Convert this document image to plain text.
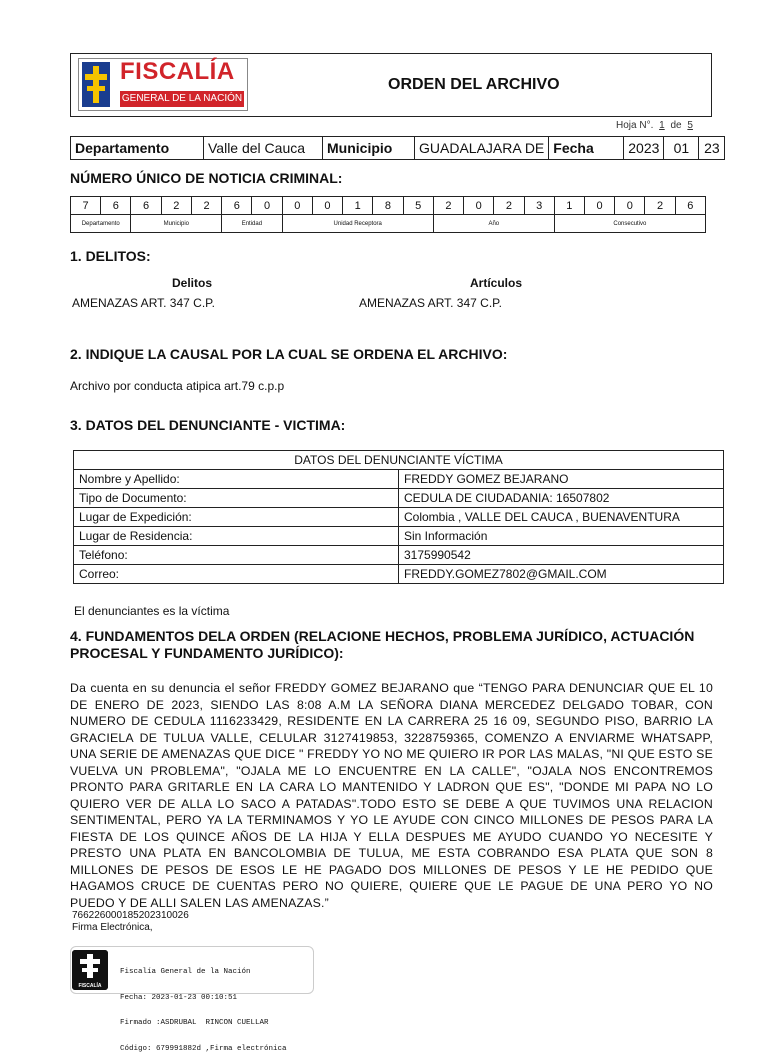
FISCALÍA
GENERAL DE LA NACIÓN
ORDEN DEL ARCHIVO
Hoja N°. 1 de 5
Departamento	Valle del Cauca	Municipio	GUADALAJARA DE	Fecha	2023	01	23
NÚMERO ÚNICO DE NOTICIA CRIMINAL:
7	6	6	2	2	6	0	0	0	1	8	5	2	0	2	3	1	0	0	2	6
Departamento		Municipio			Entidad		Unidad Receptora					Año				Consecutivo				
1. DELITOS:
Delitos	Artículos
AMENAZAS ART. 347 C.P.	AMENAZAS ART. 347 C.P.
2. INDIQUE LA CAUSAL POR LA CUAL SE ORDENA EL ARCHIVO:
Archivo por conducta atipica art.79 c.p.p
3. DATOS DEL DENUNCIANTE - VICTIMA:
DATOS DEL DENUNCIANTE VÍCTIMA	
Nombre y Apellido:	FREDDY GOMEZ BEJARANO
Tipo de Documento:	CEDULA DE CIUDADANIA: 16507802
Lugar de Expedición:	Colombia , VALLE DEL CAUCA , BUENAVENTURA
Lugar de Residencia:	Sin Información
Teléfono:	3175990542
Correo:	FREDDY.GOMEZ7802@GMAIL.COM
El denunciantes es la víctima
4. FUNDAMENTOS DELA ORDEN (RELACIONE HECHOS, PROBLEMA JURÍDICO, ACTUACIÓN
PROCESAL Y FUNDAMENTO JURÍDICO):
Da cuenta en su denuncia el señor FREDDY GOMEZ BEJARANO que “TENGO PARA DENUNCIAR QUE EL 10 DE ENERO DE 2023, SIENDO LAS 8:08 A.M LA SEÑORA DIANA MERCEDEZ DELGADO TOBAR, CON NUMERO DE CEDULA 1116233429, RESIDENTE EN LA CARRERA 25 16 09, SEGUNDO PISO, BARRIO LA GRACIELA DE TULUA VALLE, CELULAR 3127419853, 3228759365, COMENZO A ENVIARME WHATSAPP, UNA SERIE DE AMENAZAS QUE DICE " FREDDY YO NO ME QUIERO IR POR LAS MALAS, "NI QUE ESTO SE VUELVA UN PROBLEMA", "OJALA ME LO ENCUENTRE EN LA CALLE", "OJALA NOS ENCONTREMOS PRONTO PARA GRITARLE EN LA CARA LO MANTENIDO Y LADRON QUE ES", "DONDE MI PAPA NO LO QUIERO VER DE ALLA LO SACO A PATADAS".TODO ESTO SE DEBE A QUE TUVIMOS UNA RELACION SENTIMENTAL, PERO YA LA TERMINAMOS Y YO LE AYUDE CON CINCO MILLONES DE PESOS PARA LA FIESTA DE LOS QUINCE AÑOS DE LA HIJA Y ELLA DESPUES ME AYUDO CUANDO YO NECESITE Y PRESTO UNA PLATA EN BANCOLOMBIA DE TULUA, ME ESTA COBRANDO ESA PLATA QUE SON 8 MILLONES DE PESOS DE ESOS LE HE PAGADO DOS MILLONES DE PESOS Y LE HE PEDIDO QUE HAGAMOS CRUCE DE CUENTAS PERO NO QUIERE, QUIERE QUE LE PAGUE DE UNA PERO YO NO PUEDO Y DE ALLI SALEN LAS AMENAZAS.”
766226000185202310026
Firma Electrónica,
FISCALÍA

Fiscalía General de la Nación

Fecha: 2023-01-23 00:10:51

Firmado :ASDRUBAL  RINCON CUELLAR

Código: 679991882d ,Firma electrónica
